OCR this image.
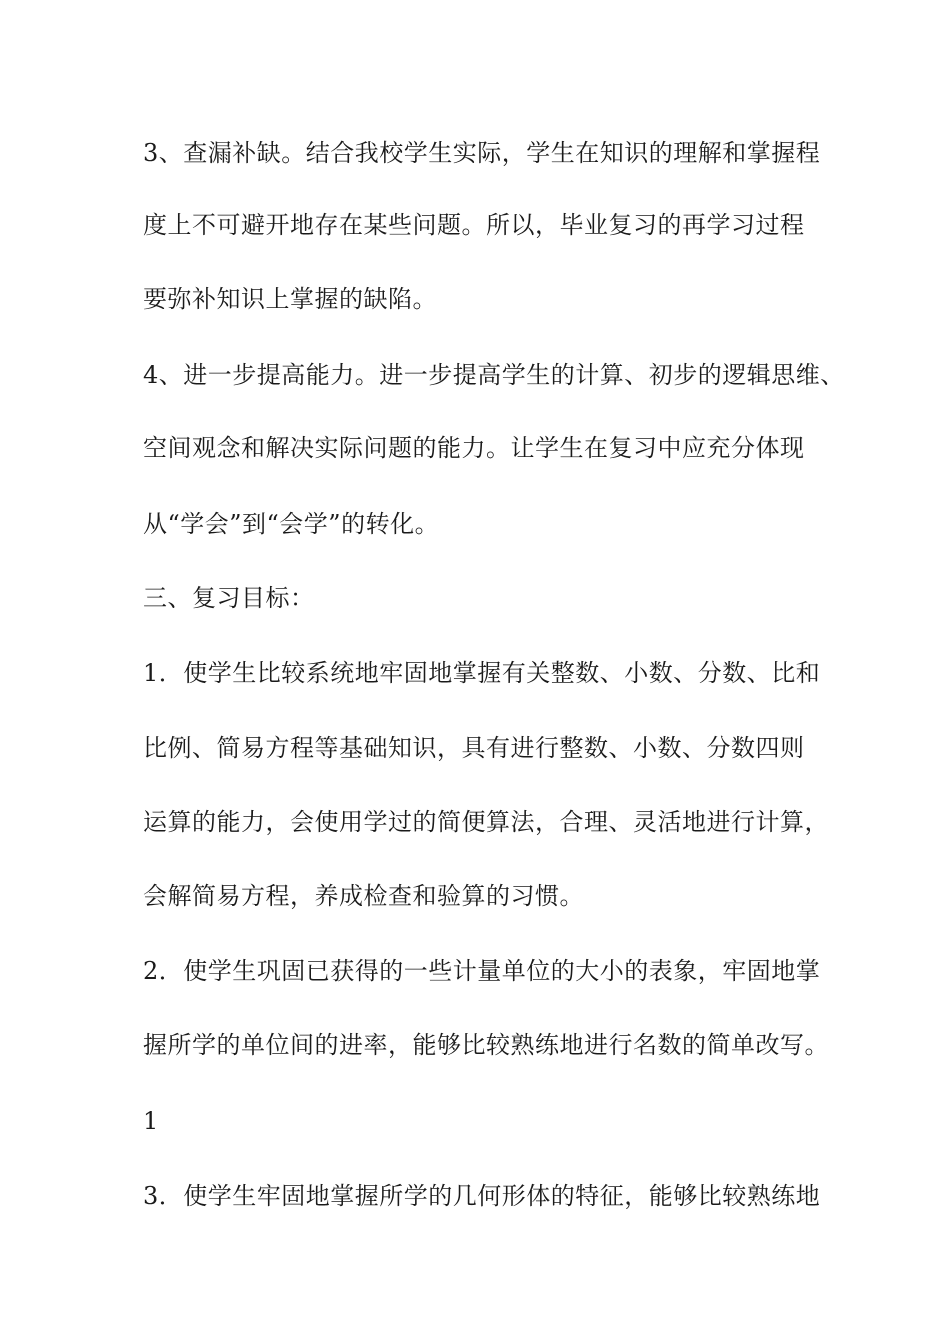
3、查漏补缺。结合我校学生实际，学生在知识的理解和掌握程
度上不可避开地存在某些问题。所以，毕业复习的再学习过程
要弥补知识上掌握的缺陷。
4、进一步提高能力。进一步提高学生的计算、初步的逻辑思维、
空间观念和解决实际问题的能力。让学生在复习中应充分体现
从“学会”到“会学”的转化。
三、复习目标：
1．使学生比较系统地牢固地掌握有关整数、小数、分数、比和
比例、简易方程等基础知识，具有进行整数、小数、分数四则
运算的能力，会使用学过的简便算法，合理、灵活地进行计算，
会解简易方程，养成检查和验算的习惯。
2．使学生巩固已获得的一些计量单位的大小的表象，牢固地掌
握所学的单位间的进率，能够比较熟练地进行名数的简单改写。
1
3．使学生牢固地掌握所学的几何形体的特征，能够比较熟练地
